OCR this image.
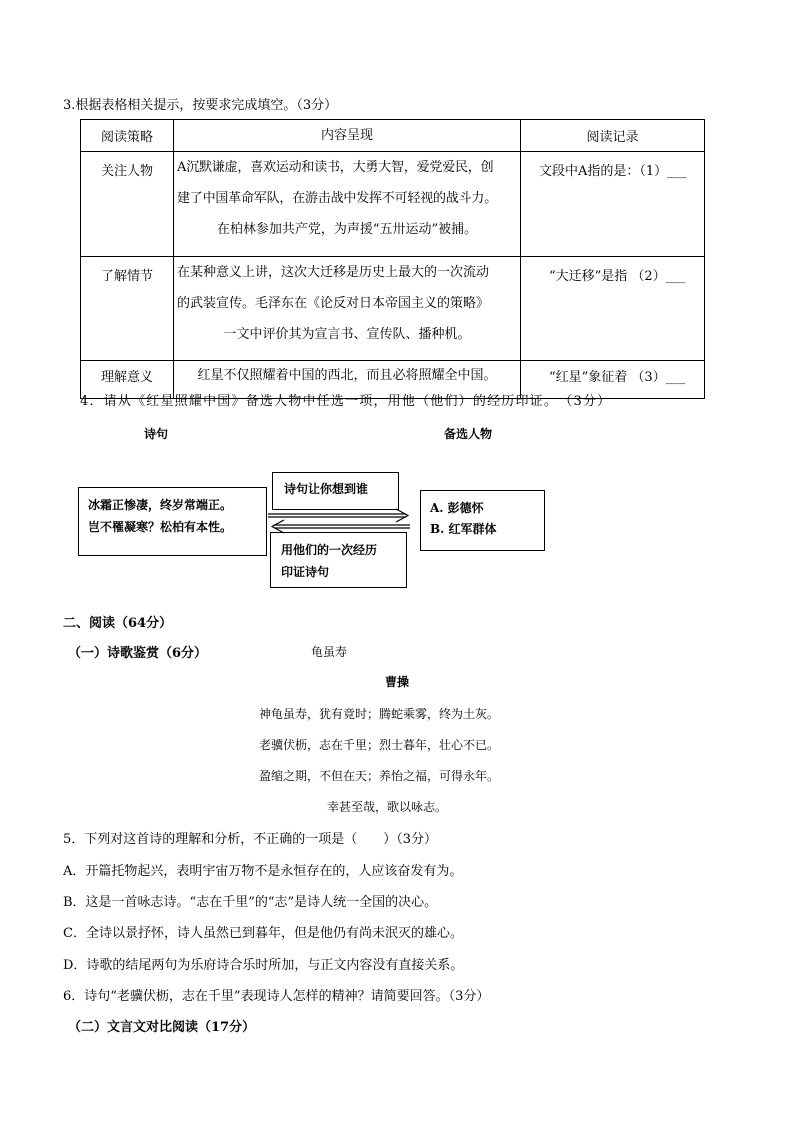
3.根据表格相关提示，按要求完成填空。（3分）
阅读策略	内容呈现	阅读记录
关注人物	A沉默谦虚，喜欢运动和读书，大勇大智，爱党爱民，创
建了中国革命军队，在游击战中发挥不可轻视的战斗力。
在柏林参加共产党，为声援“五卅运动”被捕。	文段中A指的是：（1）___
了解情节	在某种意义上讲，这次大迁移是历史上最大的一次流动
的武装宣传。毛泽东在《论反对日本帝国主义的策略》
一文中评价其为宣言书、宣传队、播种机。	“大迁移”是指 （2）___
理解意义	红星不仅照耀着中国的西北，而且必将照耀全中国。	“红星”象征着 （3）___
4．请从《红星照耀中国》备选人物中任选一项，用他（他们）的经历印证。　（3分）
诗句	备选人物
冰霜正惨凄，终岁常端正。
岂不罹凝寒？松柏有本性。
诗句让你想到谁
用他们的一次经历
印证诗句
A. 彭德怀
B. 红军群体
二、阅读（64分）
（一）诗歌鉴赏（6分）	龟虽寿
曹操
神龟虽寿，犹有竟时；腾蛇乘雾，终为土灰。
老骥伏枥，志在千里；烈士暮年，壮心不已。
盈缩之期，不但在天；养怡之福，可得永年。
幸甚至哉，歌以咏志。
5．下列对这首诗的理解和分析，不正确的一项是（　　）（3分）
A．开篇托物起兴，表明宇宙万物不是永恒存在的，人应该奋发有为。
B．这是一首咏志诗。“志在千里”的“志”是诗人统一全国的决心。
C．全诗以景抒怀，诗人虽然已到暮年，但是他仍有尚未泯灭的雄心。
D．诗歌的结尾两句为乐府诗合乐时所加，与正文内容没有直接关系。
6．诗句“老骥伏枥，志在千里”表现诗人怎样的精神？请简要回答。（3分）
（二）文言文对比阅读（17分）
